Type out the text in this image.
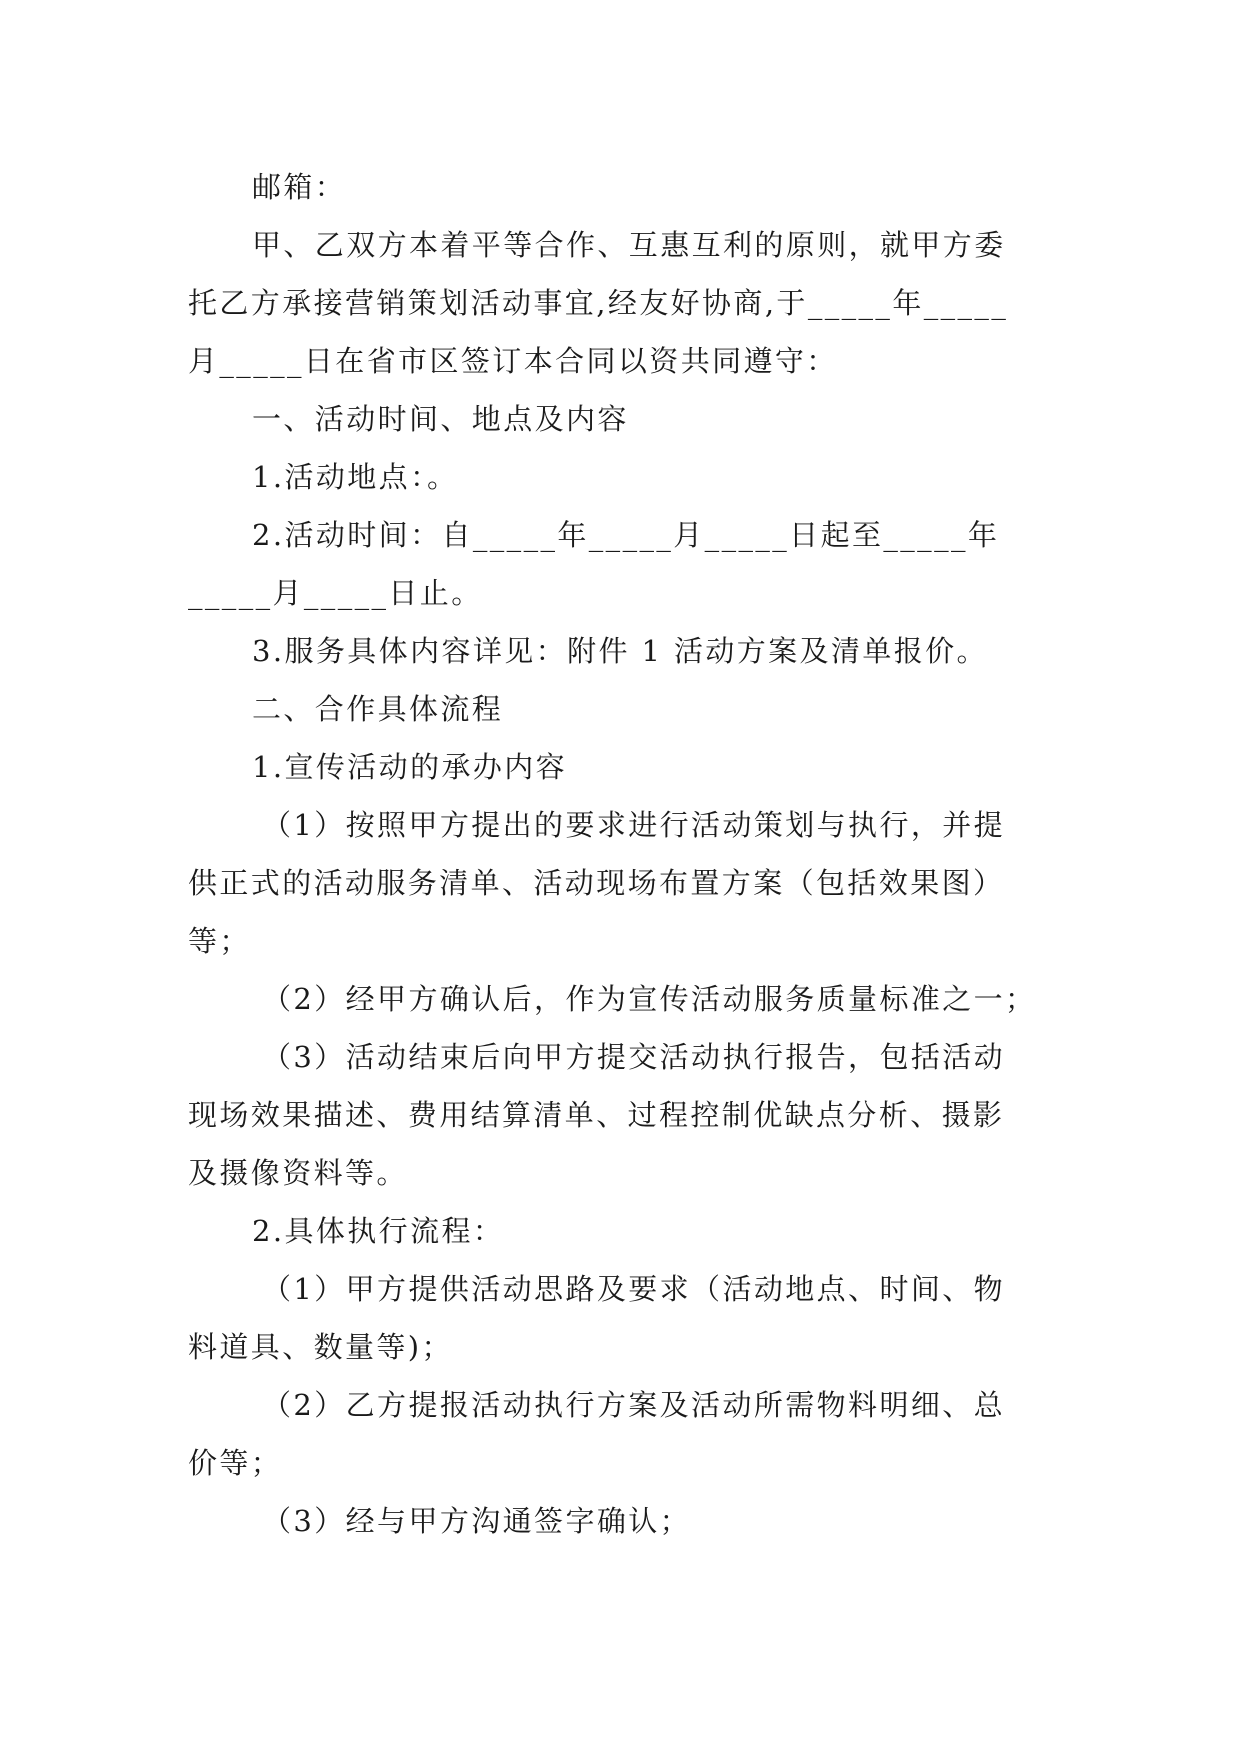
邮箱：
甲、乙双方本着平等合作、互惠互利的原则，就甲方委
托乙方承接营销策划活动事宜,经友好协商,于_____年_____
月_____日在省市区签订本合同以资共同遵守：
一、活动时间、地点及内容
1.活动地点：。
2.活动时间：自_____年_____月_____日起至_____年
_____月_____日止。
3.服务具体内容详见：附件 1 活动方案及清单报价。
二、合作具体流程
1.宣传活动的承办内容
（1）按照甲方提出的要求进行活动策划与执行，并提
供正式的活动服务清单、活动现场布置方案（包括效果图）
等；
（2）经甲方确认后，作为宣传活动服务质量标准之一；
（3）活动结束后向甲方提交活动执行报告，包括活动
现场效果描述、费用结算清单、过程控制优缺点分析、摄影
及摄像资料等。
2.具体执行流程：
（1）甲方提供活动思路及要求（活动地点、时间、物
料道具、数量等)；
（2）乙方提报活动执行方案及活动所需物料明细、总
价等；
（3）经与甲方沟通签字确认；
